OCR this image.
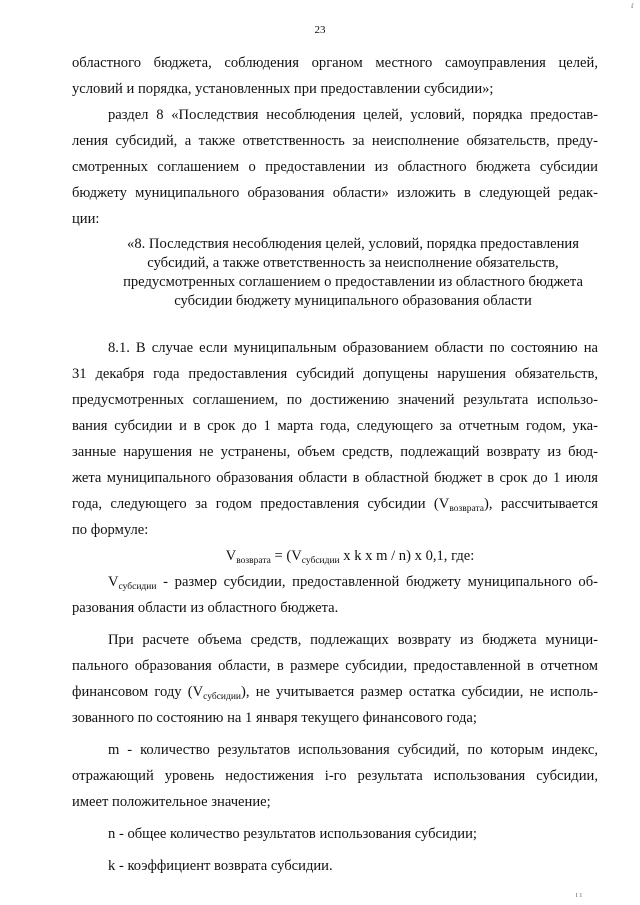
ɾ
23

областного бюджета, соблюдения органом местного самоуправления целей,

условий и порядка, установленных при предоставлении субсидии»;

раздел 8 «Последствия несоблюдения целей, условий, порядка предостав-

ления субсидий, а также ответственность за неисполнение обязательств, преду-

смотренных соглашением о предоставлении из областного бюджета субсидии

бюджету муниципального образования области» изложить в следующей редак-

ции:

«8. Последствия несоблюдения целей, условий, порядка предоставления
субсидий, а также ответственность за неисполнение обязательств,
предусмотренных соглашением о предоставлении из областного бюджета
субсидии бюджету муниципального образования области

8.1. В случае если муниципальным образованием области по состоянию на

31 декабря года предоставления субсидий допущены нарушения обязательств,

предусмотренных соглашением, по достижению значений результата использо-

вания субсидии и в срок до 1 марта года, следующего за отчетным годом, ука-

занные нарушения не устранены, объем средств, подлежащий возврату из бюд-

жета муниципального образования области в областной бюджет в срок до 1 июля

года, следующего за годом предоставления субсидии $(V_{возврата})$, рассчитывается

по формуле:

$V_{возврата} = (V_{субсидии}$ x k x m / n) x 0,1, где:

$V_{субсидии}$ - размер субсидии, предоставленной бюджету муниципального об-

разования области из областного бюджета.

При расчете объема средств, подлежащих возврату из бюджета муници-

пального образования области, в размере субсидии, предоставленной в отчетном

финансовом году $(V_{субсидии})$, не учитывается размер остатка субсидии, не исполь-

зованного по состоянию на 1 января текущего финансового года;

m - количество результатов использования субсидий, по которым индекс,

отражающий уровень недостижения i-го результата использования субсидии,

имеет положительное значение;

n - общее количество результатов использования субсидии;

k - коэффициент возврата субсидии.

ɪ ı
